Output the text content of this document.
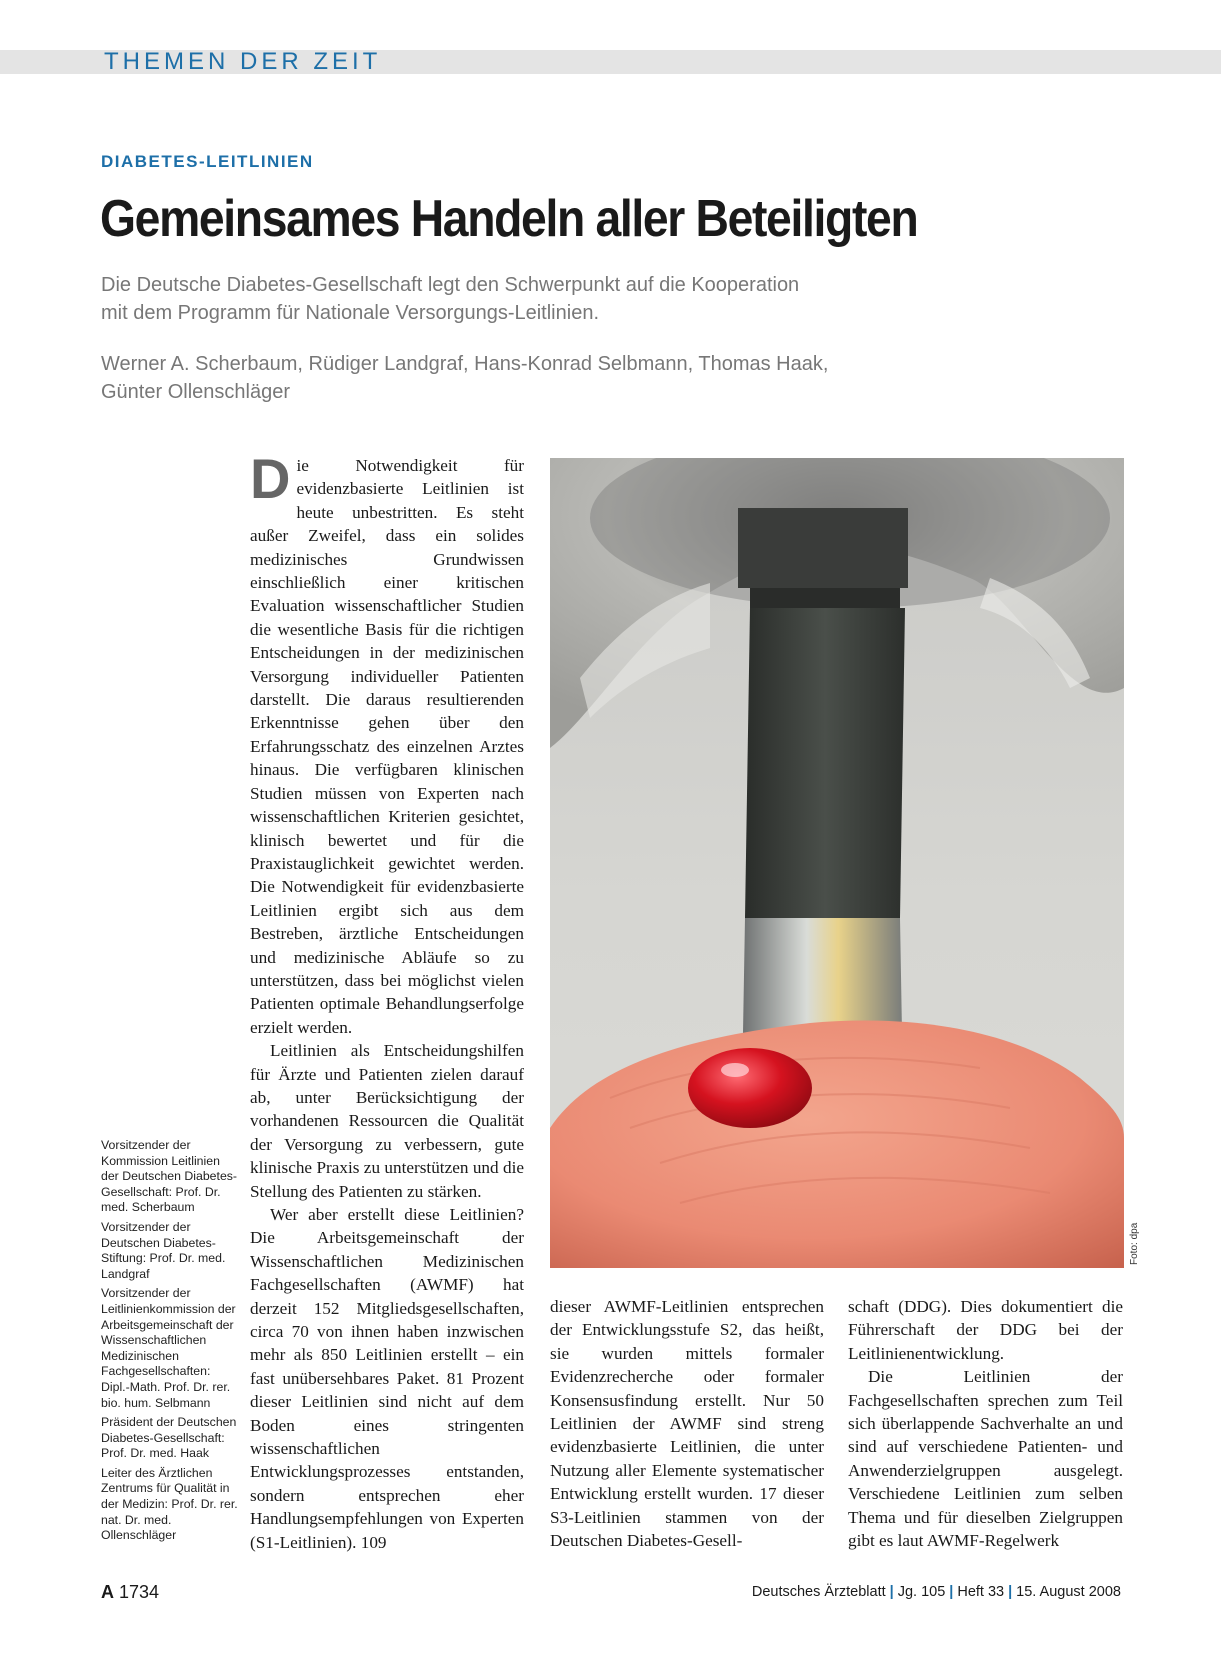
THEMEN DER ZEIT
DIABETES-LEITLINIEN
Gemeinsames Handeln aller Beteiligten
Die Deutsche Diabetes-Gesellschaft legt den Schwerpunkt auf die Kooperation
mit dem Programm für Nationale Versorgungs-Leitlinien.
Werner A. Scherbaum, Rüdiger Landgraf, Hans-Konrad Selbmann, Thomas Haak,
Günter Ollenschläger

Die Notwendigkeit für evidenzbasierte Leitlinien ist heute unbestritten. Es steht außer Zweifel, dass ein solides medizinisches Grundwissen einschließlich einer kritischen Evaluation wissenschaftlicher Studien die wesentliche Basis für die richtigen Entscheidungen in der medizinischen Versorgung individueller Patienten darstellt. Die daraus resultierenden Erkenntnisse gehen über den Erfahrungsschatz des einzelnen Arztes hinaus. Die verfügbaren klinischen Studien müssen von Experten nach wissenschaftlichen Kriterien gesichtet, klinisch bewertet und für die Praxistauglichkeit gewichtet werden. Die Notwendigkeit für evidenzbasierte Leitlinien ergibt sich aus dem Bestreben, ärztliche Entscheidungen und medizinische Abläufe so zu unterstützen, dass bei möglichst vielen Patienten optimale Behandlungserfolge erzielt werden.

Leitlinien als Entscheidungshilfen für Ärzte und Patienten zielen darauf ab, unter Berücksichtigung der vorhandenen Ressourcen die Qualität der Versorgung zu verbessern, gute klinische Praxis zu unterstützen und die Stellung des Patienten zu stärken.

Wer aber erstellt diese Leitlinien? Die Arbeitsgemeinschaft der Wissenschaftlichen Medizinischen Fachgesellschaften (AWMF) hat derzeit 152 Mitgliedsgesellschaften, circa 70 von ihnen haben inzwischen mehr als 850 Leitlinien erstellt – ein fast unübersehbares Paket. 81 Prozent dieser Leitlinien sind nicht auf dem Boden eines stringenten wissenschaftlichen Entwicklungsprozesses entstanden, sondern entsprechen eher Handlungsempfehlungen von Experten (S1-Leitlinien). 109

Foto: dpa

dieser AWMF-Leitlinien entsprechen der Entwicklungsstufe S2, das heißt, sie wurden mittels formaler Evidenzrecherche oder formaler Konsensusfindung erstellt. Nur 50 Leitlinien der AWMF sind streng evidenzbasierte Leitlinien, die unter Nutzung aller Elemente systematischer Entwicklung erstellt wurden. 17 dieser S3-Leitlinien stammen von der Deutschen Diabetes-Gesell-

schaft (DDG). Dies dokumentiert die Führerschaft der DDG bei der Leitlinienentwicklung.

Die Leitlinien der Fachgesellschaften sprechen zum Teil sich überlappende Sachverhalte an und sind auf verschiedene Patienten- und Anwenderzielgruppen ausgelegt. Verschiedene Leitlinien zum selben Thema und für dieselben Zielgruppen gibt es laut AWMF-Regelwerk

Vorsitzender der Kommission Leitlinien der Deutschen Diabetes-Gesellschaft: Prof. Dr. med. Scherbaum

Vorsitzender der Deutschen Diabetes-Stiftung: Prof. Dr. med. Landgraf

Vorsitzender der Leitlinienkommission der Arbeitsgemeinschaft der Wissenschaftlichen Medizinischen Fachgesellschaften: Dipl.-Math. Prof. Dr. rer. bio. hum. Selbmann

Präsident der Deutschen Diabetes-Gesellschaft: Prof. Dr. med. Haak

Leiter des Ärztlichen Zentrums für Qualität in der Medizin: Prof. Dr. rer. nat. Dr. med. Ollenschläger

A 1734	Deutsches Ärzteblatt | Jg. 105 | Heft 33 | 15. August 2008
